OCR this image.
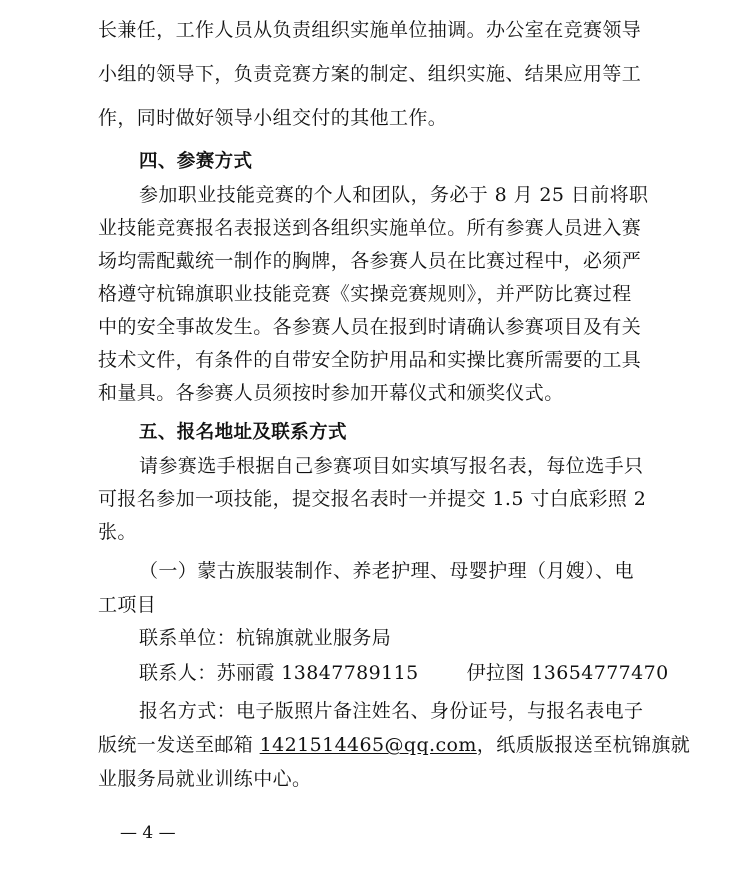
长兼任，工作人员从负责组织实施单位抽调。办公室在竞赛领导
小组的领导下，负责竞赛方案的制定、组织实施、结果应用等工
作，同时做好领导小组交付的其他工作。
四、参赛方式
参加职业技能竞赛的个人和团队，务必于 8 月 25 日前将职
业技能竞赛报名表报送到各组织实施单位。所有参赛人员进入赛
场均需配戴统一制作的胸牌，各参赛人员在比赛过程中，必须严
格遵守杭锦旗职业技能竞赛《实操竞赛规则》，并严防比赛过程
中的安全事故发生。各参赛人员在报到时请确认参赛项目及有关
技术文件，有条件的自带安全防护用品和实操比赛所需要的工具
和量具。各参赛人员须按时参加开幕仪式和颁奖仪式。
五、报名地址及联系方式
请参赛选手根据自己参赛项目如实填写报名表，每位选手只
可报名参加一项技能，提交报名表时一并提交 1.5 寸白底彩照 2
张。
（一）蒙古族服装制作、养老护理、母婴护理（月嫂）、电
工项目
联系单位：杭锦旗就业服务局
联系人：苏丽霞 13847789115	伊拉图 13654777470
报名方式：电子版照片备注姓名、身份证号，与报名表电子
版统一发送至邮箱 1421514465@qq.com，纸质版报送至杭锦旗就
业服务局就业训练中心。
— 4 —
